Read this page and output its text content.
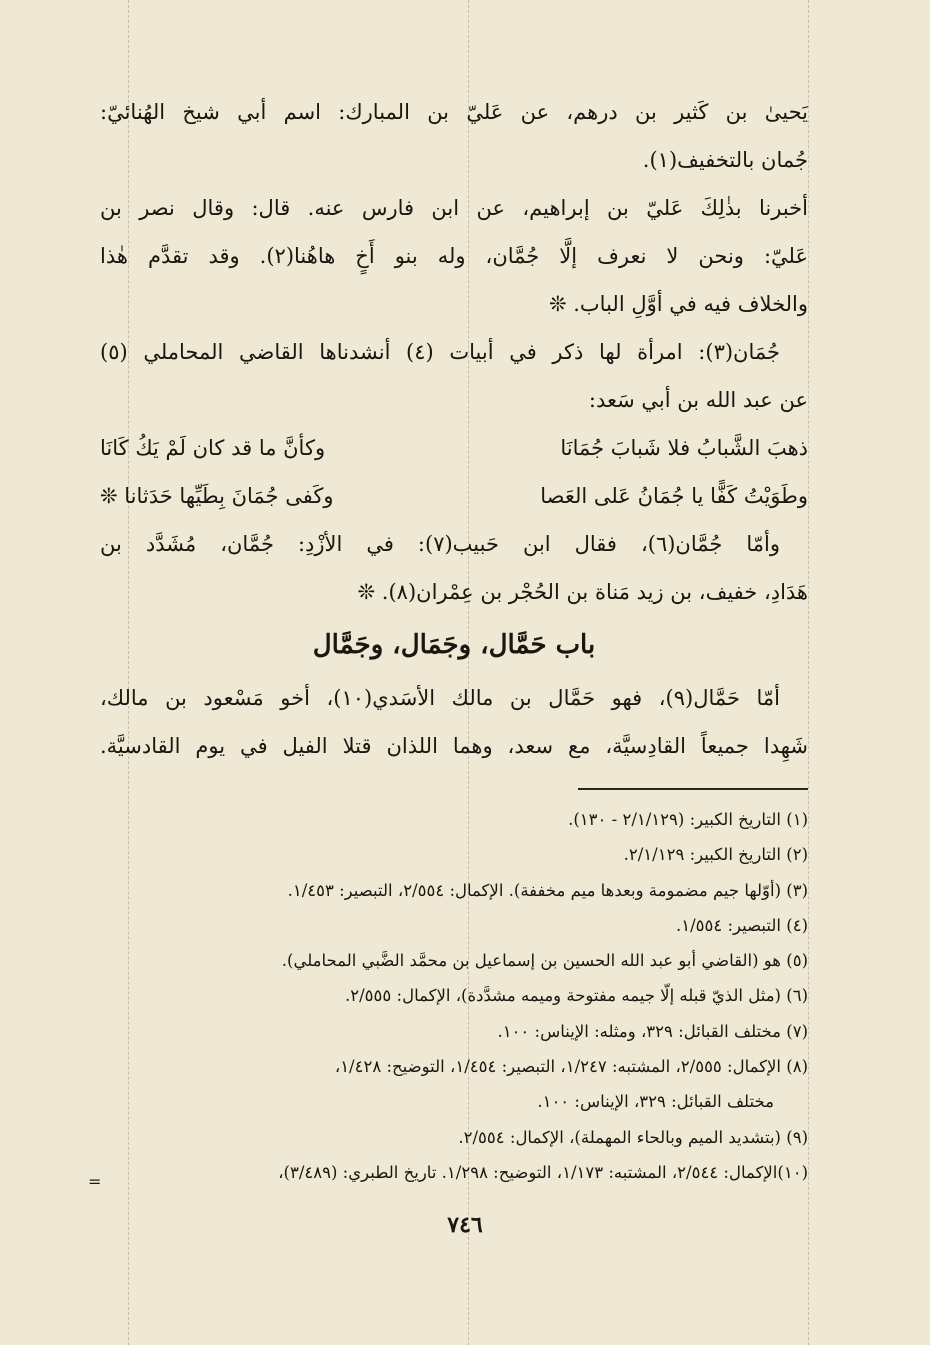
يَحيىٰ بن كَثير بن درهم، عن عَليّ بن المبارك: اسم أبي شيخ الهُنائيّ:
جُمان بالتخفيف(١).
أخبرنا بذٰلِكَ عَليّ بن إبراهيم، عن ابن فارس عنه. قال: وقال نصر بن
عَليّ: ونحن لا نعرف إلَّا جُمَّان، وله بنو أَخٍ هاهُنا(٢). وقد تقدَّم هٰذا
والخلاف فيه في أوَّلِ الباب. ❊
جُمَان(٣): امرأة لها ذكر في أبيات (٤) أنشدناها القاضي المحاملي (٥)
عن عبد الله بن أبي سَعد:
ذهبَ الشَّبابُ فلا شَبابَ جُمَانَا
وكأنَّ ما قد كان لَمْ يَكُ كَانَا
وطَوَيْتُ كَفًّا يا جُمَانُ عَلى العَصا
وكَفى جُمَانَ بِطَيِّها حَدَثانا ❊
وأمّا جُمَّان(٦)، فقال ابن حَبيب(٧): في الأزْدِ: جُمَّان، مُشَدَّد بن
هَدَادِ، خفيف، بن زيد مَناة بن الحُجْر بن عِمْران(٨). ❊
باب حَمَّال، وجَمَال، وجَمَّال
أمّا حَمَّال(٩)، فهو حَمَّال بن مالك الأسَدي(١٠)، أخو مَسْعود بن مالك،
شَهِدا جميعاً القادِسيَّة، مع سعد، وهما اللذان قتلا الفيل في يوم القادسيَّة.
(١) التاريخ الكبير: (٢/١/١٢٩ - ١٣٠).
(٢) التاريخ الكبير: ٢/١/١٢٩.
(٣) (أوّلها جيم مضمومة وبعدها ميم مخففة). الإكمال: ٢/٥٥٤، التبصير: ١/٤٥٣.
(٤) التبصير: ١/٥٥٤.
(٥) هو (القاضي أبو عبد الله الحسين بن إسماعيل بن محمَّد الضَّبي المحاملي).
(٦) (مثل الذيّ قبله إلّا جيمه مفتوحة وميمه مشدَّدة)، الإكمال: ٢/٥٥٥.
(٧) مختلف القبائل: ٣٢٩، ومثله: الإيناس: ١٠٠.
(٨) الإكمال: ٢/٥٥٥، المشتبه: ١/٢٤٧، التبصير: ١/٤٥٤، التوضيح: ١/٤٢٨،
مختلف القبائل: ٣٢٩، الإيناس: ١٠٠.
(٩) (بتشديد الميم وبالحاء المهملة)، الإكمال: ٢/٥٥٤.
(١٠)الإكمال: ٢/٥٤٤، المشتبه: ١/١٧٣، التوضيح: ١/٢٩٨. تاريخ الطبري: (٣/٤٨٩)،
=
٧٤٦
